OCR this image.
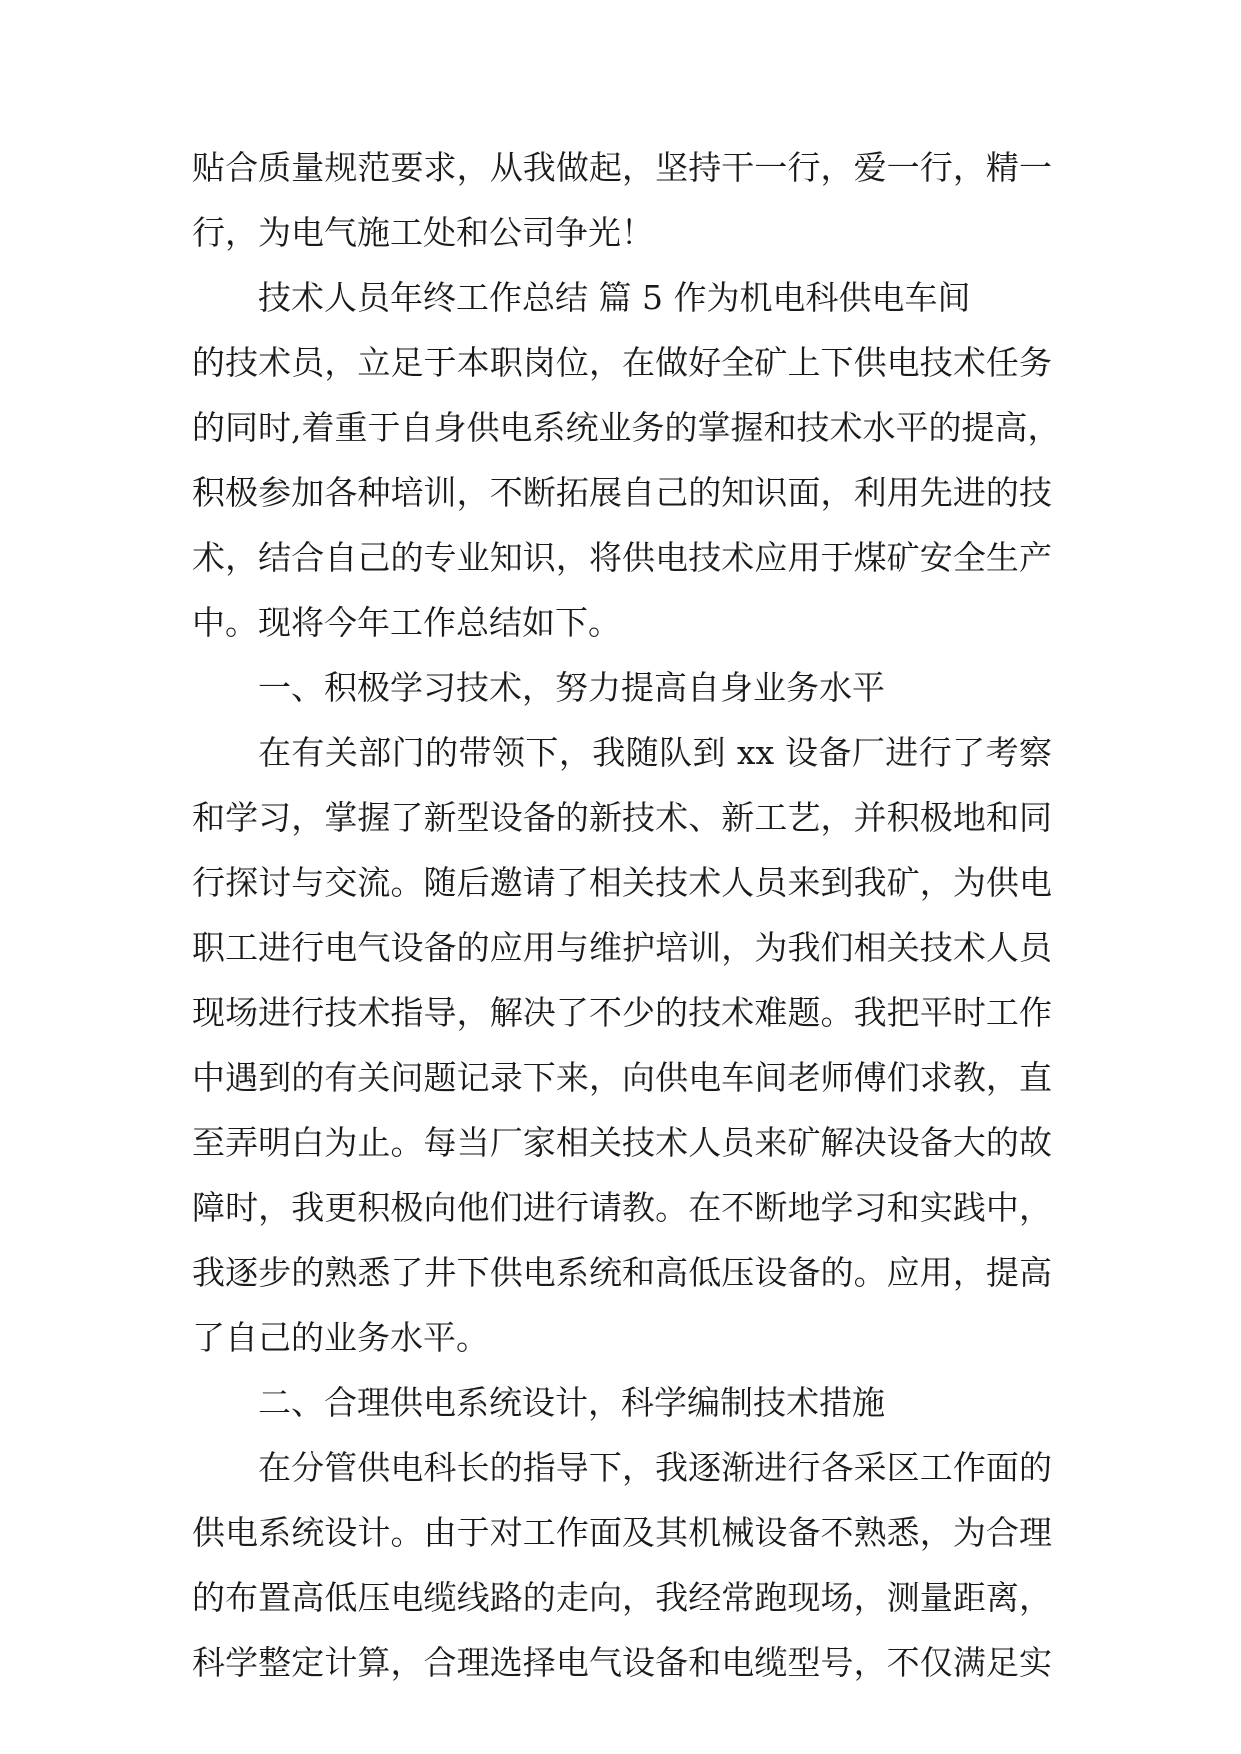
贴合质量规范要求，从我做起，坚持干一行，爱一行，精一
行，为电气施工处和公司争光！
技术人员年终工作总结 篇 5 作为机电科供电车间
的技术员，立足于本职岗位，在做好全矿上下供电技术任务
的同时,着重于自身供电系统业务的掌握和技术水平的提高，
积极参加各种培训，不断拓展自己的知识面，利用先进的技
术，结合自己的专业知识，将供电技术应用于煤矿安全生产
中。现将今年工作总结如下。
一、积极学习技术，努力提高自身业务水平
在有关部门的带领下，我随队到 xx 设备厂进行了考察
和学习，掌握了新型设备的新技术、新工艺，并积极地和同
行探讨与交流。随后邀请了相关技术人员来到我矿，为供电
职工进行电气设备的应用与维护培训，为我们相关技术人员
现场进行技术指导，解决了不少的技术难题。我把平时工作
中遇到的有关问题记录下来，向供电车间老师傅们求教，直
至弄明白为止。每当厂家相关技术人员来矿解决设备大的故
障时，我更积极向他们进行请教。在不断地学习和实践中，
我逐步的熟悉了井下供电系统和高低压设备的。应用，提高
了自己的业务水平。
二、合理供电系统设计，科学编制技术措施
在分管供电科长的指导下，我逐渐进行各采区工作面的
供电系统设计。由于对工作面及其机械设备不熟悉，为合理
的布置高低压电缆线路的走向，我经常跑现场，测量距离，
科学整定计算，合理选择电气设备和电缆型号，不仅满足实
